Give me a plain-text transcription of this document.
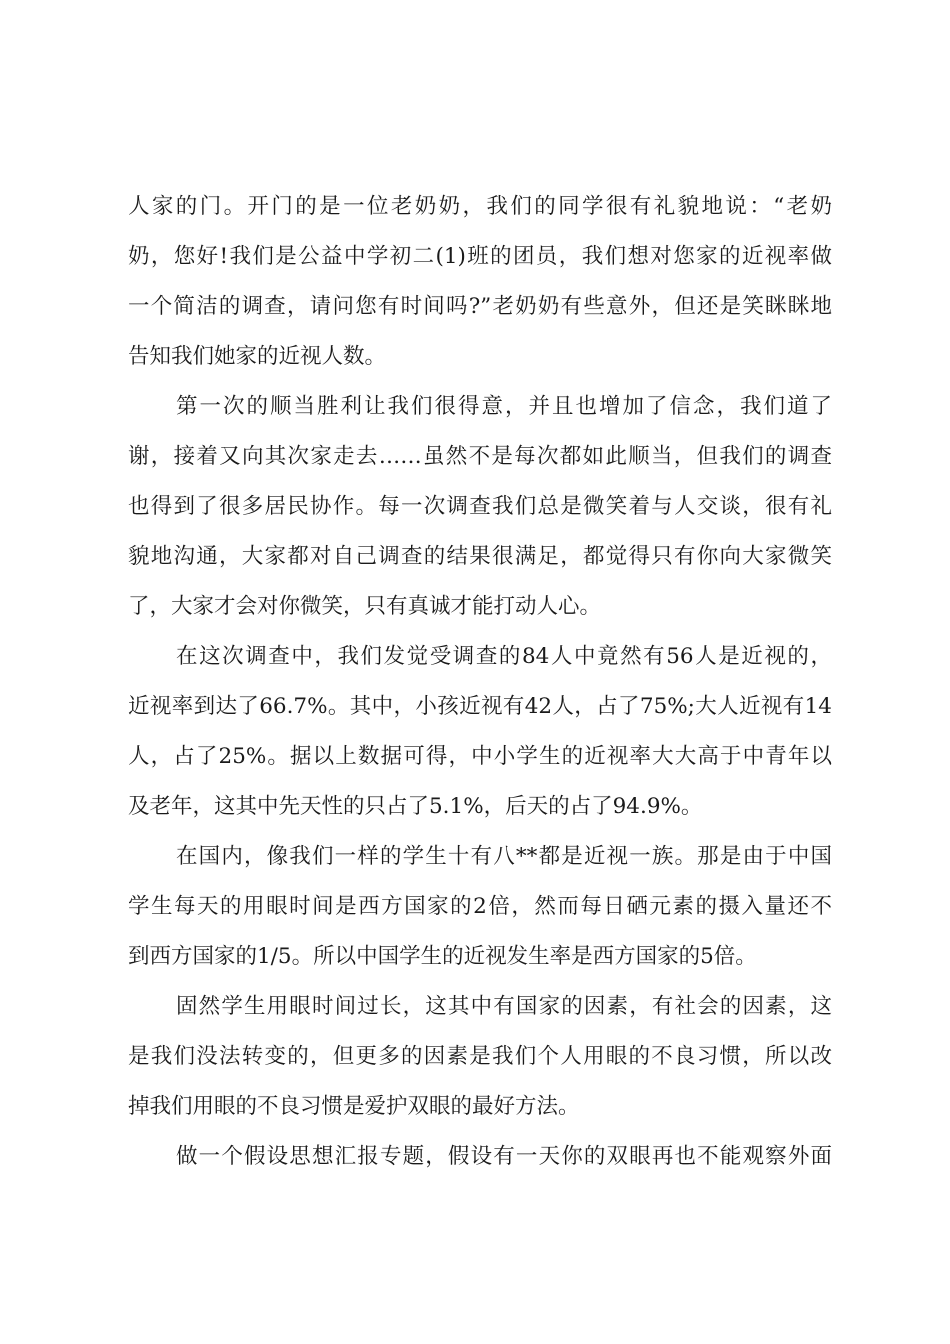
人家的门。开门的是一位老奶奶，我们的同学很有礼貌地说：“老奶
奶，您好!我们是公益中学初二(1)班的团员，我们想对您家的近视率做
一个简洁的调查，请问您有时间吗?”老奶奶有些意外，但还是笑眯眯地
告知我们她家的近视人数。
第一次的顺当胜利让我们很得意，并且也增加了信念，我们道了
谢，接着又向其次家走去……虽然不是每次都如此顺当，但我们的调查
也得到了很多居民协作。每一次调查我们总是微笑着与人交谈，很有礼
貌地沟通，大家都对自己调查的结果很满足，都觉得只有你向大家微笑
了，大家才会对你微笑，只有真诚才能打动人心。
在这次调查中，我们发觉受调查的84人中竟然有56人是近视的，
近视率到达了66.7%。其中，小孩近视有42人，占了75%;大人近视有14
人，占了25%。据以上数据可得，中小学生的近视率大大高于中青年以
及老年，这其中先天性的只占了5.1%，后天的占了94.9%。
在国内，像我们一样的学生十有八**都是近视一族。那是由于中国
学生每天的用眼时间是西方国家的2倍，然而每日硒元素的摄入量还不
到西方国家的1/5。所以中国学生的近视发生率是西方国家的5倍。
固然学生用眼时间过长，这其中有国家的因素，有社会的因素，这
是我们没法转变的，但更多的因素是我们个人用眼的不良习惯，所以改
掉我们用眼的不良习惯是爱护双眼的最好方法。
做一个假设思想汇报专题，假设有一天你的双眼再也不能观察外面
